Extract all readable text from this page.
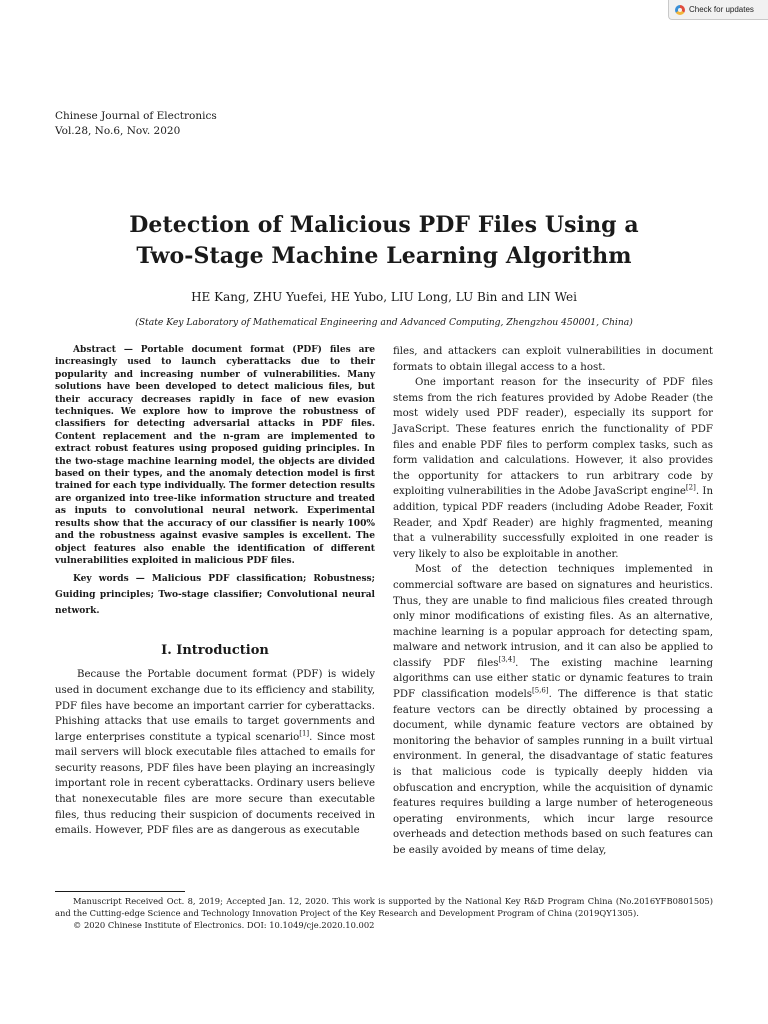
Check for updates
Chinese Journal of Electronics
Vol.28, No.6, Nov. 2020
Detection of Malicious PDF Files Using a
Two-Stage Machine Learning Algorithm
HE Kang, ZHU Yuefei, HE Yubo, LIU Long, LU Bin and LIN Wei
(State Key Laboratory of Mathematical Engineering and Advanced Computing, Zhengzhou 450001, China)

Abstract — Portable document format (PDF) files are increasingly used to launch cyberattacks due to their popularity and increasing number of vulnerabilities. Many solutions have been developed to detect malicious files, but their accuracy decreases rapidly in face of new evasion techniques. We explore how to improve the robustness of classifiers for detecting adversarial attacks in PDF files. Content replacement and the n-gram are implemented to extract robust features using proposed guiding principles. In the two-stage machine learning model, the objects are divided based on their types, and the anomaly detection model is first trained for each type individually. The former detection results are organized into tree-like information structure and treated as inputs to convolutional neural network. Experimental results show that the accuracy of our classifier is nearly 100% and the robustness against evasive samples is excellent. The object features also enable the identification of different vulnerabilities exploited in malicious PDF files.

Key words — Malicious PDF classification; Robustness; Guiding principles; Two-stage classifier; Convolutional neural network.

I. Introduction

Because the Portable document format (PDF) is widely used in document exchange due to its efficiency and stability, PDF files have become an important carrier for cyberattacks. Phishing attacks that use emails to target governments and large enterprises constitute a typical scenario[1]. Since most mail servers will block executable files attached to emails for security reasons, PDF files have been playing an increasingly important role in recent cyberattacks. Ordinary users believe that nonexecutable files are more secure than executable files, thus reducing their suspicion of documents received in emails. However, PDF files are as dangerous as executable

files, and attackers can exploit vulnerabilities in document formats to obtain illegal access to a host.

One important reason for the insecurity of PDF files stems from the rich features provided by Adobe Reader (the most widely used PDF reader), especially its support for JavaScript. These features enrich the functionality of PDF files and enable PDF files to perform complex tasks, such as form validation and calculations. However, it also provides the opportunity for attackers to run arbitrary code by exploiting vulnerabilities in the Adobe JavaScript engine[2]. In addition, typical PDF readers (including Adobe Reader, Foxit Reader, and Xpdf Reader) are highly fragmented, meaning that a vulnerability successfully exploited in one reader is very likely to also be exploitable in another.

Most of the detection techniques implemented in commercial software are based on signatures and heuristics. Thus, they are unable to find malicious files created through only minor modifications of existing files. As an alternative, machine learning is a popular approach for detecting spam, malware and network intrusion, and it can also be applied to classify PDF files[3,4]. The existing machine learning algorithms can use either static or dynamic features to train PDF classification models[5,6]. The difference is that static feature vectors can be directly obtained by processing a document, while dynamic feature vectors are obtained by monitoring the behavior of samples running in a built virtual environment. In general, the disadvantage of static features is that malicious code is typically deeply hidden via obfuscation and encryption, while the acquisition of dynamic features requires building a large number of heterogeneous operating environments, which incur large resource overheads and detection methods based on such features can be easily avoided by means of time delay,

Manuscript Received Oct. 8, 2019; Accepted Jan. 12, 2020. This work is supported by the National Key R&D Program China (No.2016YFB0801505) and the Cutting-edge Science and Technology Innovation Project of the Key Research and Development Program of China (2019QY1305).

© 2020 Chinese Institute of Electronics. DOI: 10.1049/cje.2020.10.002
